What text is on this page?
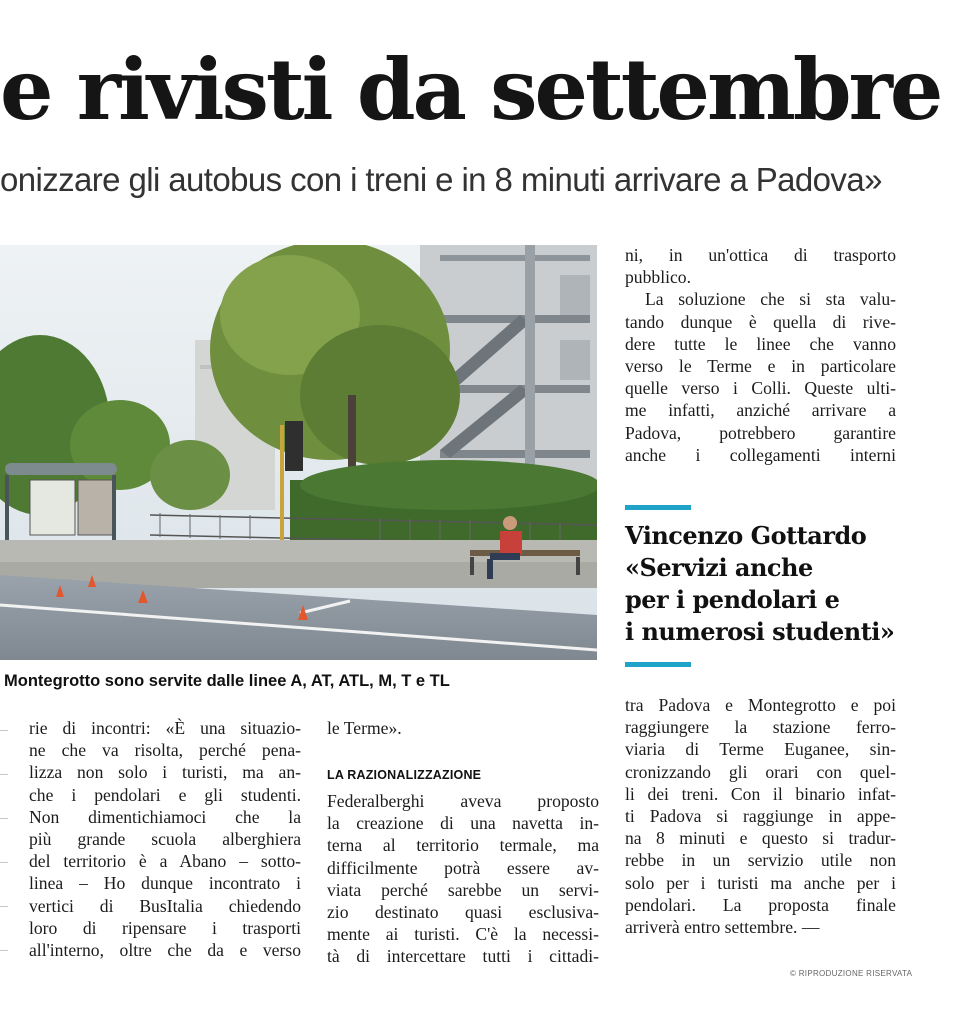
e rivisti da settembre
onizzare gli autobus con i treni e in 8 minuti arrivare a Padova»
Montegrotto sono servite dalle linee A, AT, ATL, M, T e TL
rie di incontri: «È una situazio-
ne che va risolta, perché pena-
lizza non solo i turisti, ma an-
che i pendolari e gli studenti.
Non dimentichiamoci che la
più grande scuola alberghiera
del territorio è a Abano – sotto-
linea – Ho dunque incontrato i
vertici di BusItalia chiedendo
loro di ripensare i trasporti
all'interno, oltre che da e verso
le Terme».
LA RAZIONALIZZAZIONE
Federalberghi aveva proposto
la creazione di una navetta in-
terna al territorio termale, ma
difficilmente potrà essere av-
viata perché sarebbe un servi-
zio destinato quasi esclusiva-
mente ai turisti. C'è la necessi-
tà di intercettare tutti i cittadi-
ni, in un'ottica di trasporto
pubblico.
La soluzione che si sta valu-
tando dunque è quella di rive-
dere tutte le linee che vanno
verso le Terme e in particolare
quelle verso i Colli. Queste ulti-
me infatti, anziché arrivare a
Padova, potrebbero garantire
anche i collegamenti interni
Vincenzo Gottardo
«Servizi anche
per i pendolari e
i numerosi studenti»
tra Padova e Montegrotto e poi
raggiungere la stazione ferro-
viaria di Terme Euganee, sin-
cronizzando gli orari con quel-
li dei treni. Con il binario infat-
ti Padova si raggiunge in appe-
na 8 minuti e questo si tradur-
rebbe in un servizio utile non
solo per i turisti ma anche per i
pendolari. La proposta finale
arriverà entro settembre. —
© RIPRODUZIONE RISERVATA
